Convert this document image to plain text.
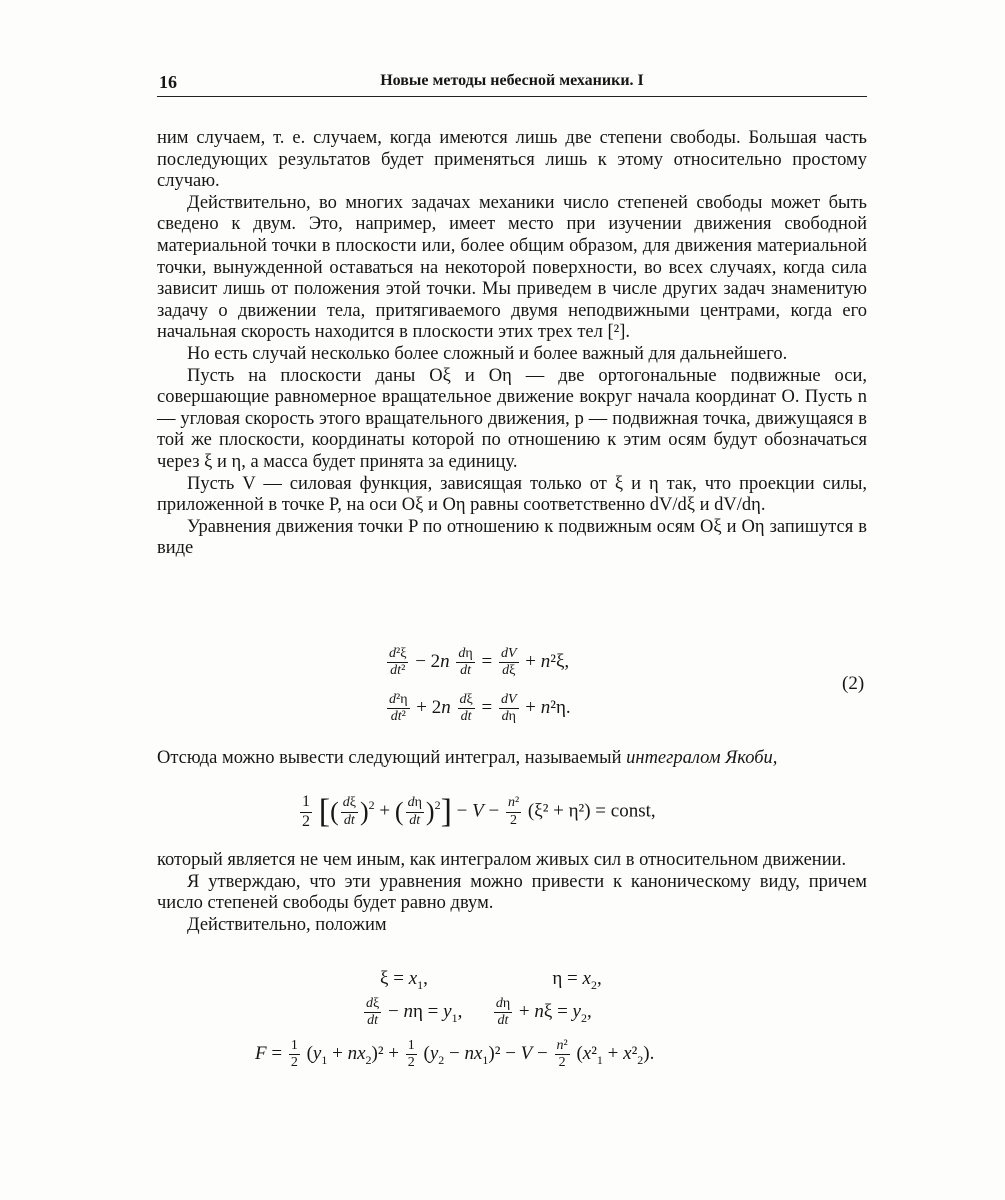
16	Новые методы небесной механики. I

ним случаем, т. е. случаем, когда имеются лишь две степени свободы. Большая часть последующих результатов будет применяться лишь к этому относительно простому случаю.

Действительно, во многих задачах механики число степеней свободы может быть сведено к двум. Это, например, имеет место при изучении движения свободной материальной точки в плоскости или, более общим образом, для движения материальной точки, вынужденной оставаться на некоторой поверхности, во всех случаях, когда сила зависит лишь от положения этой точки. Мы приведем в числе других задач знаменитую задачу о движении тела, притягиваемого двумя неподвижными центрами, когда его начальная скорость находится в плоскости этих трех тел [²].

Но есть случай несколько более сложный и более важный для дальнейшего.

Пусть на плоскости даны Oξ и Oη — две ортогональные подвижные оси, совершающие равномерное вращательное движение вокруг начала координат O. Пусть n — угловая скорость этого вращательного движения, p — подвижная точка, движущаяся в той же плоскости, координаты которой по отношению к этим осям будут обозначаться через ξ и η, а масса будет принята за единицу.

Пусть V — силовая функция, зависящая только от ξ и η так, что проекции силы, приложенной в точке P, на оси Oξ и Oη равны соответственно dV/dξ и dV/dη.

Уравнения движения точки P по отношению к подвижным осям Oξ и Oη запишутся в виде

$\frac{\text{d²ξ}}{\text{dt²}} - 2n \frac{d\eta}{dt} = \frac{dV}{d\xi} + n^2\xi$,
$\frac{\text{d²η}}{\text{dt²}} + 2n \frac{d\xi}{dt} = \frac{dV}{d\eta} + n^2\eta$.
(2)

Отсюда можно вывести следующий интеграл, называемый интегралом Якоби,

$\frac{1}{2}$ [( $\frac{d\xi}{dt} )^2$ + ( $\frac{d\eta}{dt} )^2] - V - \frac{\text{n²}}{2} (\xi^2 + \eta^2)$ = const,

который является не чем иным, как интегралом живых сил в относительном движении.

Я утверждаю, что эти уравнения можно привести к каноническому виду, причем число степеней свободы будет равно двум.

Действительно, положим

$\xi = x_1$,	$\eta = x_2$,
$\frac{d\xi}{dt} - n\eta = y_1$, $\frac{d\eta}{dt} + n\xi = y_2$,
$F = \frac{1}{2} (y_1 + nx_2)^2 + \frac{1}{2} (y_2 - nx_1)^2 - V - \frac{\text{n²}}{2} (x^2_1 + x^2_2)$.
